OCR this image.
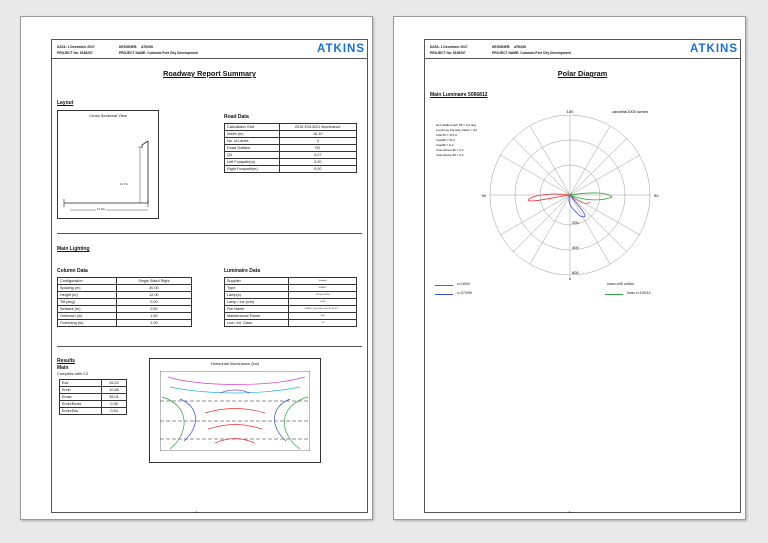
DATA: 1 December 2017	DESIGNER: ATKINS
PROJECT No: 5165207	PROJECT NAME: Colombo Port City Development	ATKINS
Roadway Report Summary
Layout
Cross Sectional View
11,7m
11,0m
Road Data
Calculation Grid	2015 EN13201 Illuminance
Width (m)	15,10
No. of Lanes	4
Road Surface	R2
Q0	0,07
Left Footpath(m)	0,00
Right Footpath(m)	0,00
Main Lighting
Column Data
Configuration	Single Sided Right
Spacing (m)	30,00
Height (m)	12,00
Tilt (deg)	0,00
Setback (m)	0,50
Outreach (m)	1,50
Overhang (m)	1,00
Luminaire Data
Supplier	Schréder
Type	5066812
Lamp(s)	128 Xtor ST400
Lamp / lux (x/m)	1/125
File Name	5066812_5xLed 80 Led 10,71 65 4C7 ...
Maintenance Factor	0,80
Lum. Int. Class	G4
Results
Main
Complies with C2
Eav	26,22
Emin	10,66
Emax	39,01
Emin/Emax	0,36
Emin/Eav	0,54
Horizontal Illuminance (lux)
2
DATA: 1 December 2017	DESIGNER: ATKINS
PROJECT No: 5165207	PROJECT NAME: Colombo Port City Development	ATKINS
Polar Diagram
Main Luminaire 5066812
As Installed with Tilt = 0,0 deg Luminous Intensity Class = G4 Imax70 = 373,9 Imax80 = 51,2 Imax90 = 0,2 Imax Above 90 = 0,2 Imax Above 95 = 0,2
180
90	90
0
candela/1000 lumen
200
400
600
c=180/0
c=270/90
Imax=445 cd/klm
Imax c=190/10
3
